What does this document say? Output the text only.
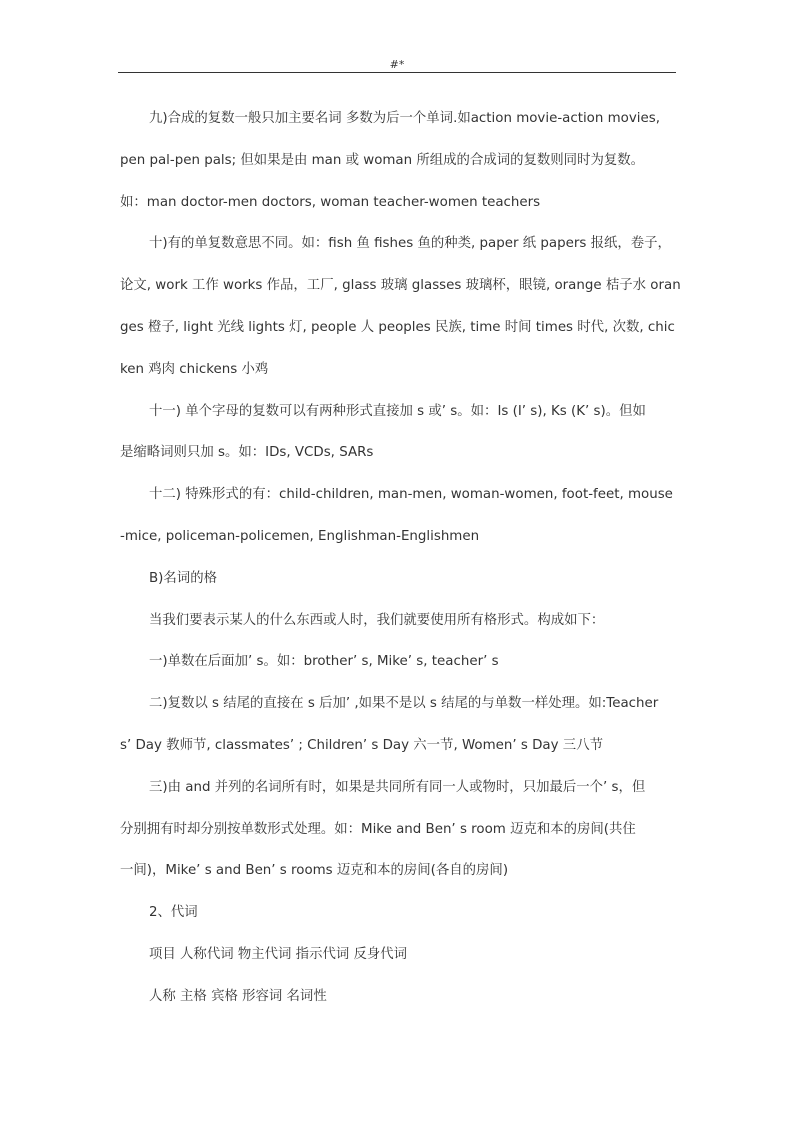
#*
九)合成的复数一般只加主要名词 多数为后一个单词.如action movie-action movies,
pen pal-pen pals; 但如果是由 man 或 woman 所组成的合成词的复数则同时为复数。
如：man doctor-men doctors, woman teacher-women teachers
十)有的单复数意思不同。如：fish 鱼 fishes 鱼的种类, paper 纸 papers 报纸，卷子，
论文, work 工作 works 作品，工厂, glass 玻璃 glasses 玻璃杯，眼镜, orange 桔子水 oran
ges 橙子, light 光线 lights 灯, people 人 peoples 民族, time 时间 times 时代, 次数, chic
ken 鸡肉 chickens 小鸡
十一) 单个字母的复数可以有两种形式直接加 s 或’ s。如：Is (I’ s), Ks (K’ s)。但如
是缩略词则只加 s。如：IDs, VCDs, SARs
十二) 特殊形式的有：child-children, man-men, woman-women, foot-feet, mouse
-mice, policeman-policemen, Englishman-Englishmen
B)名词的格
当我们要表示某人的什么东西或人时，我们就要使用所有格形式。构成如下：
一)单数在后面加’ s。如：brother’ s, Mike’ s, teacher’ s
二)复数以 s 结尾的直接在 s 后加’ ,如果不是以 s 结尾的与单数一样处理。如:Teacher
s’ Day 教师节, classmates’ ; Children’ s Day 六一节, Women’ s Day 三八节
三)由 and 并列的名词所有时，如果是共同所有同一人或物时，只加最后一个’ s，但
分别拥有时却分别按单数形式处理。如：Mike and Ben’ s room 迈克和本的房间(共住
一间)，Mike’ s and Ben’ s rooms 迈克和本的房间(各自的房间)
2、代词
项目 人称代词 物主代词 指示代词 反身代词
人称 主格 宾格 形容词 名词性
